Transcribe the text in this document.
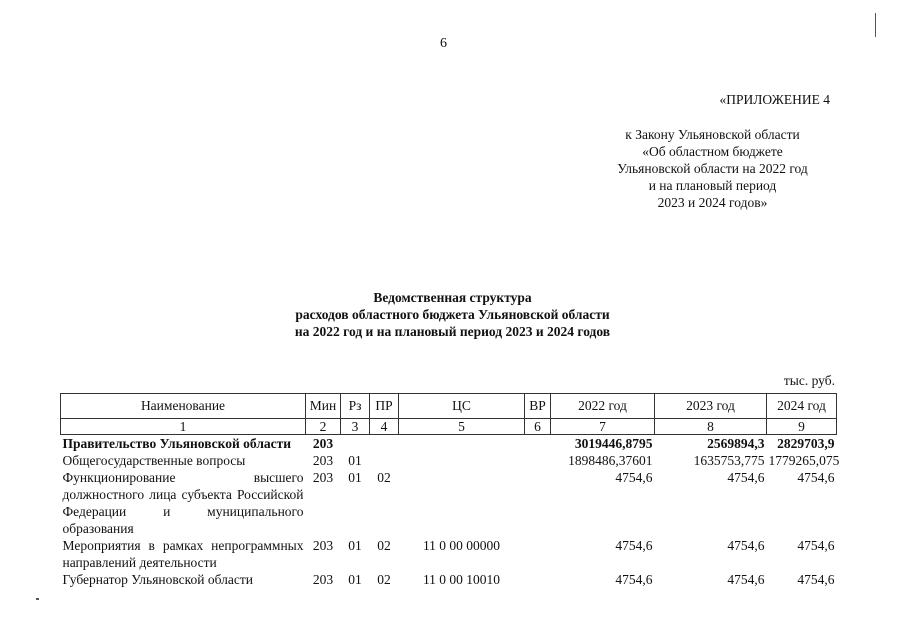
6
«ПРИЛОЖЕНИЕ 4
к Закону Ульяновской области
«Об областном бюджете
Ульяновской области на 2022 год
и на плановый период
2023 и 2024 годов»
Ведомственная структура
расходов областного бюджета Ульяновской области
на 2022 год и на плановый период 2023 и 2024 годов
тыс. руб.
Наименование	Мин	Рз	ПР	ЦС	ВР	2022 год	2023 год	2024 год
1	2	3	4	5	6	7	8	9
Правительство Ульяновской области	203					3019446,8795	2569894,3	2829703,9
Общегосударственные вопросы	203	01				1898486,37601	1635753,775	1779265,075
Функционирование высшего должностного лица субъекта Российской Федерации и муниципального образования	203	01	02			4754,6	4754,6	4754,6
Мероприятия в рамках непрограммных направлений деятельности	203	01	02	11 0 00 00000		4754,6	4754,6	4754,6
Губернатор Ульяновской области	203	01	02	11 0 00 10010		4754,6	4754,6	4754,6
